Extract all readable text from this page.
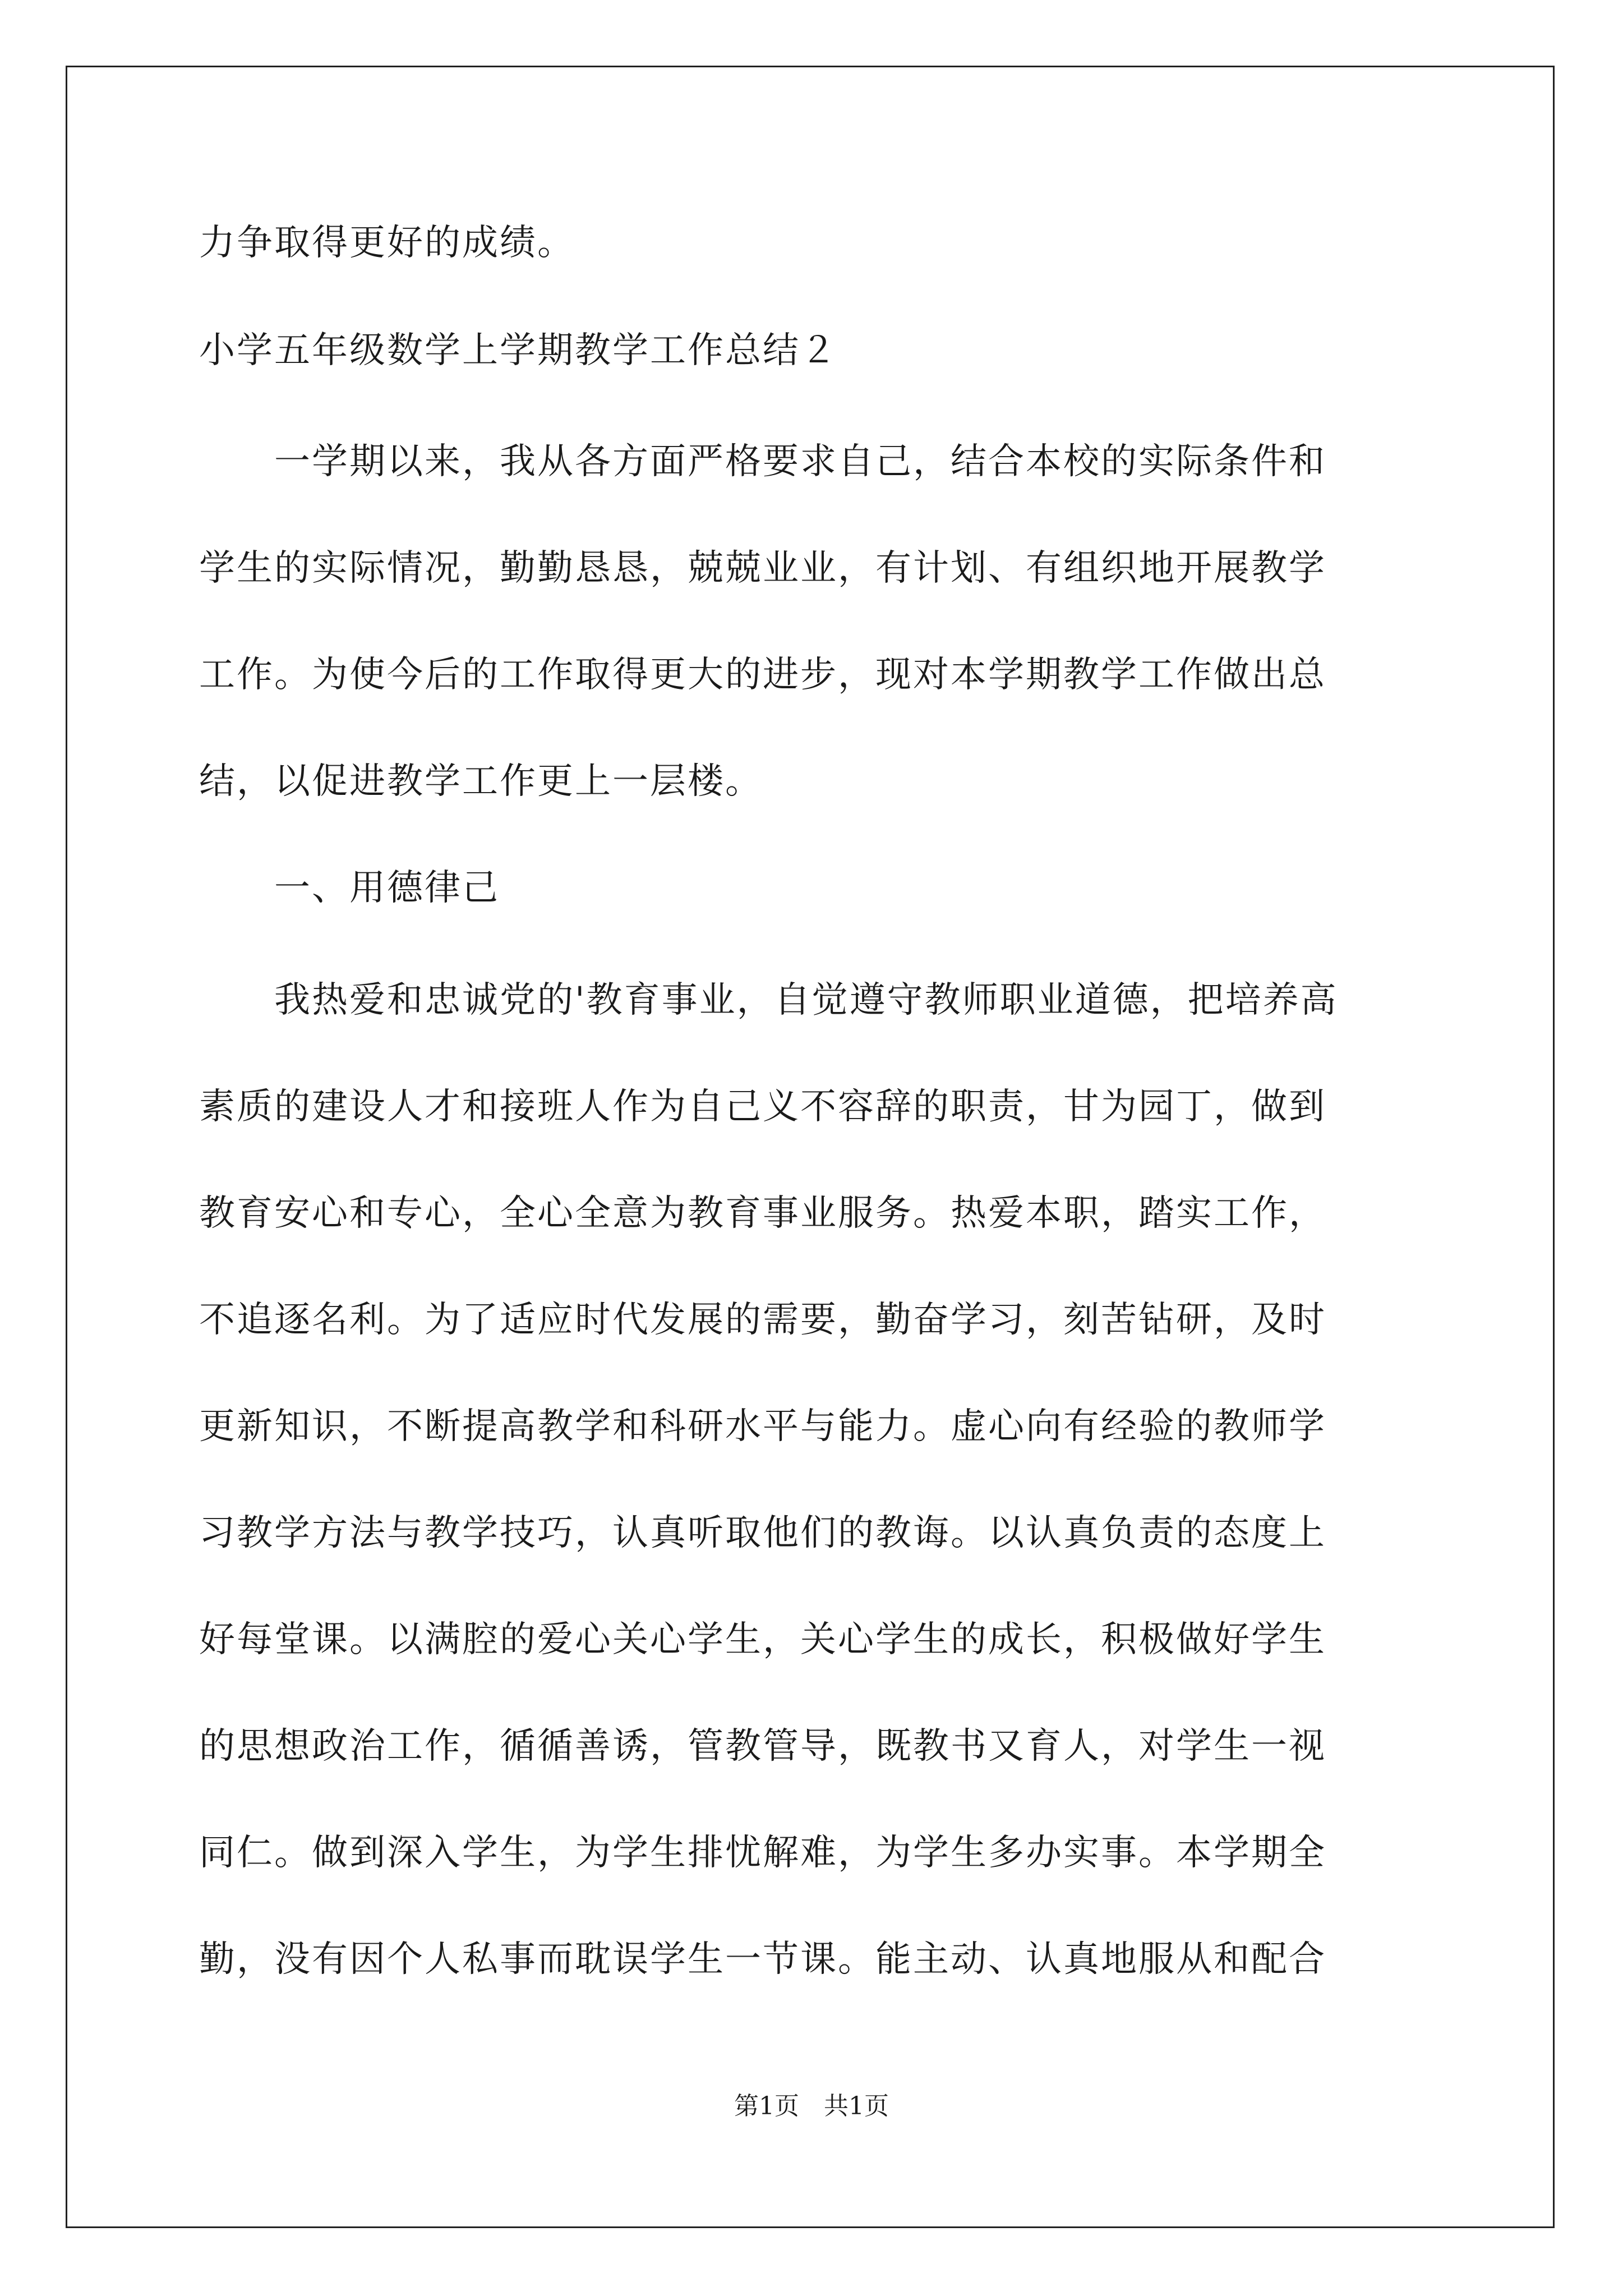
力争取得更好的成绩。
小学五年级数学上学期教学工作总结２
　　一学期以来，我从各方面严格要求自己，结合本校的实际条件和
学生的实际情况，勤勤恳恳，兢兢业业，有计划、有组织地开展教学
工作。为使今后的工作取得更大的进步，现对本学期教学工作做出总
结，以促进教学工作更上一层楼。
　　一、用德律己
　　我热爱和忠诚党的'教育事业，自觉遵守教师职业道德，把培养高
素质的建设人才和接班人作为自己义不容辞的职责，甘为园丁，做到
教育安心和专心，全心全意为教育事业服务。热爱本职，踏实工作，
不追逐名利。为了适应时代发展的需要，勤奋学习，刻苦钻研，及时
更新知识，不断提高教学和科研水平与能力。虚心向有经验的教师学
习教学方法与教学技巧，认真听取他们的教诲。以认真负责的态度上
好每堂课。以满腔的爱心关心学生，关心学生的成长，积极做好学生
的思想政治工作，循循善诱，管教管导，既教书又育人，对学生一视
同仁。做到深入学生，为学生排忧解难，为学生多办实事。本学期全
勤，没有因个人私事而耽误学生一节课。能主动、认真地服从和配合
第1页　共1页
